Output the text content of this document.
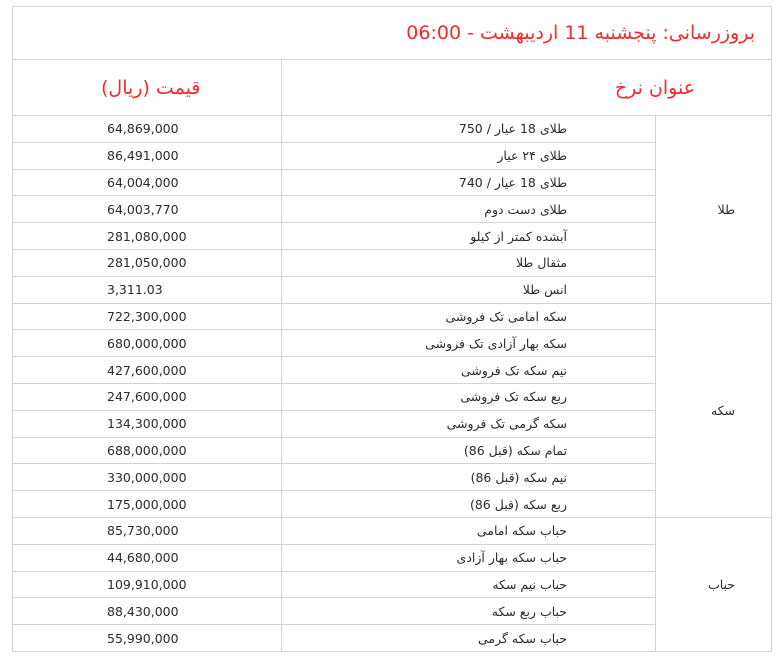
بروزرسانی: پنجشنبه 11 اردیبهشت - 06:00		
عنوان نرخ		قیمت (ریال)
طلا	طلای 18 عیار / 750	64,869,000
	طلای ۲۴ عیار	86,491,000
	طلای 18 عیار / 740	64,004,000
	طلای دست دوم	64,003,770
	آبشده کمتر از کیلو	281,080,000
	مثقال طلا	281,050,000
	انس طلا	3,311.03
سکه	سکه امامی تک فروشی	722,300,000
	سکه بهار آزادی تک فروشی	680,000,000
	نیم سکه تک فروشی	427,600,000
	ربع سکه تک فروشی	247,600,000
	سکه گرمی تک فروشی	134,300,000
	تمام سکه (قبل 86)	688,000,000
	نیم سکه (قبل 86)	330,000,000
	ربع سکه (قبل 86)	175,000,000
حباب	حباب سکه امامی	85,730,000
	حباب سکه بهار آزادی	44,680,000
	حباب نیم سکه	109,910,000
	حباب ربع سکه	88,430,000
	حباب سکه گرمی	55,990,000
